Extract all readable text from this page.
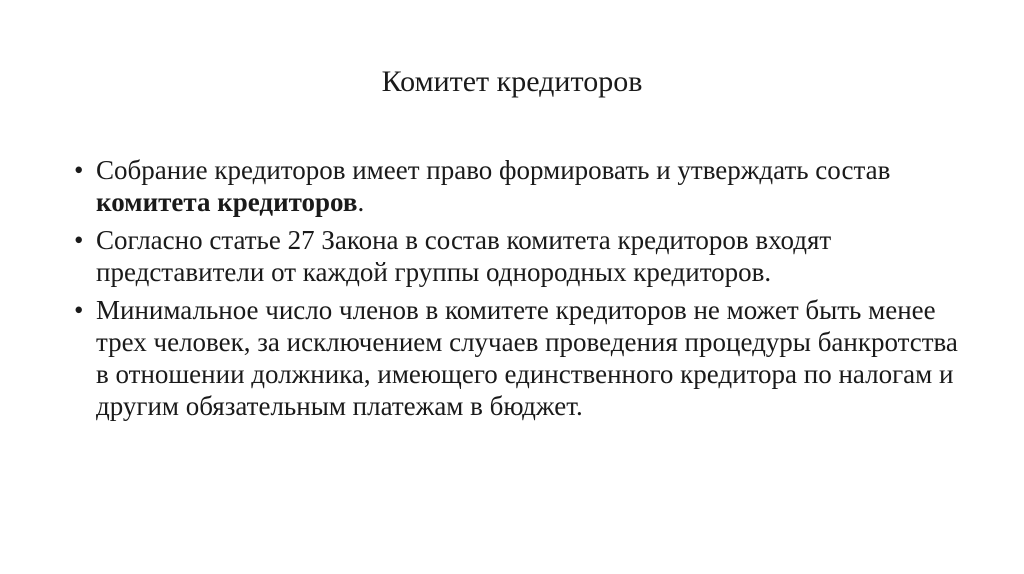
Комитет кредиторов
• Собрание кредиторов имеет право формировать и утверждать состав комитета кредиторов.
• Согласно статье 27 Закона в состав комитета кредиторов входят представители от каждой группы однородных кредиторов.
• Минимальное число членов в комитете кредиторов не может быть менее трех человек, за исключением случаев проведения процедуры банкротства в отношении должника, имеющего единственного кредитора по налогам и другим обязательным платежам в бюджет.
